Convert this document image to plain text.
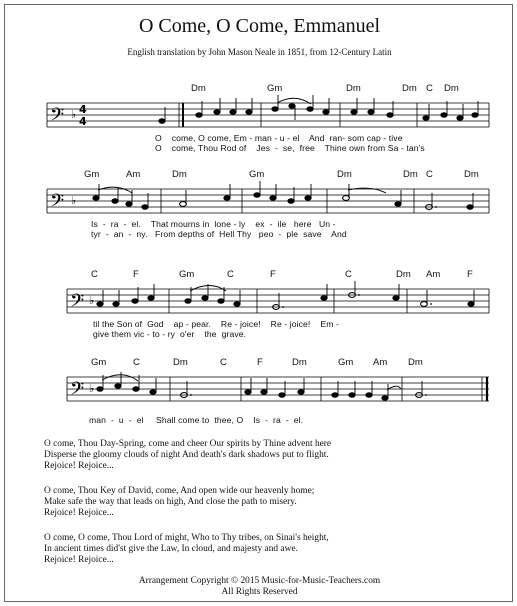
O Come, O Come, Emmanuel
English translation by John Mason Neale in 1851, from 12-Century Latin
Dm	Gm	Dm	Dm C Dm
𝄢 ♭ 4
4
O    come, O come, Em - man - u - el    And  ran- som cap - tive
O    come, Thou Rod of    Jes  -  se,  free    Thine own from Sa - tan's
Gm	Am	Dm	Gm	Dm	Dm C	Dm
𝄢 ♭
Is  -  ra  -  el.    That mourns in  lone - ly    ex  -  ile   here   Un -
tyr  -  an  -  ny.   From depths of  Hell Thy   peo  -  ple  save    And
C	F	Gm	C	F	C	Dm Am	F
𝄢 ♭
til the Son of  God    ap - pear.    Re - joice!    Re - joice!    Em -
give them vic - to - ry  o'er    the  grave.
Gm	C	Dm	C	F	Dm	Gm Am Dm
𝄢 ♭
man  -  u  -  el     Shall come to  thee, O    Is  -  ra  -  el.

O come, Thou Day-Spring, come and cheer Our spirits by Thine advent here

Disperse the gloomy clouds of night And death's dark shadows put to flight.

Rejoice! Rejoice...

O come, Thou Key of David, come, And open wide our heavenly home;

Make safe the way that leads on high, And close the path to misery.

Rejoice! Rejoice...

O come, O come, Thou Lord of might, Who to Thy tribes, on Sinai's height,

In ancient times did'st give the Law, In cloud, and majesty and awe.

Rejoice! Rejoice...

Arrangement Copyright © 2015 Music-for-Music-Teachers.com

All Rights Reserved
